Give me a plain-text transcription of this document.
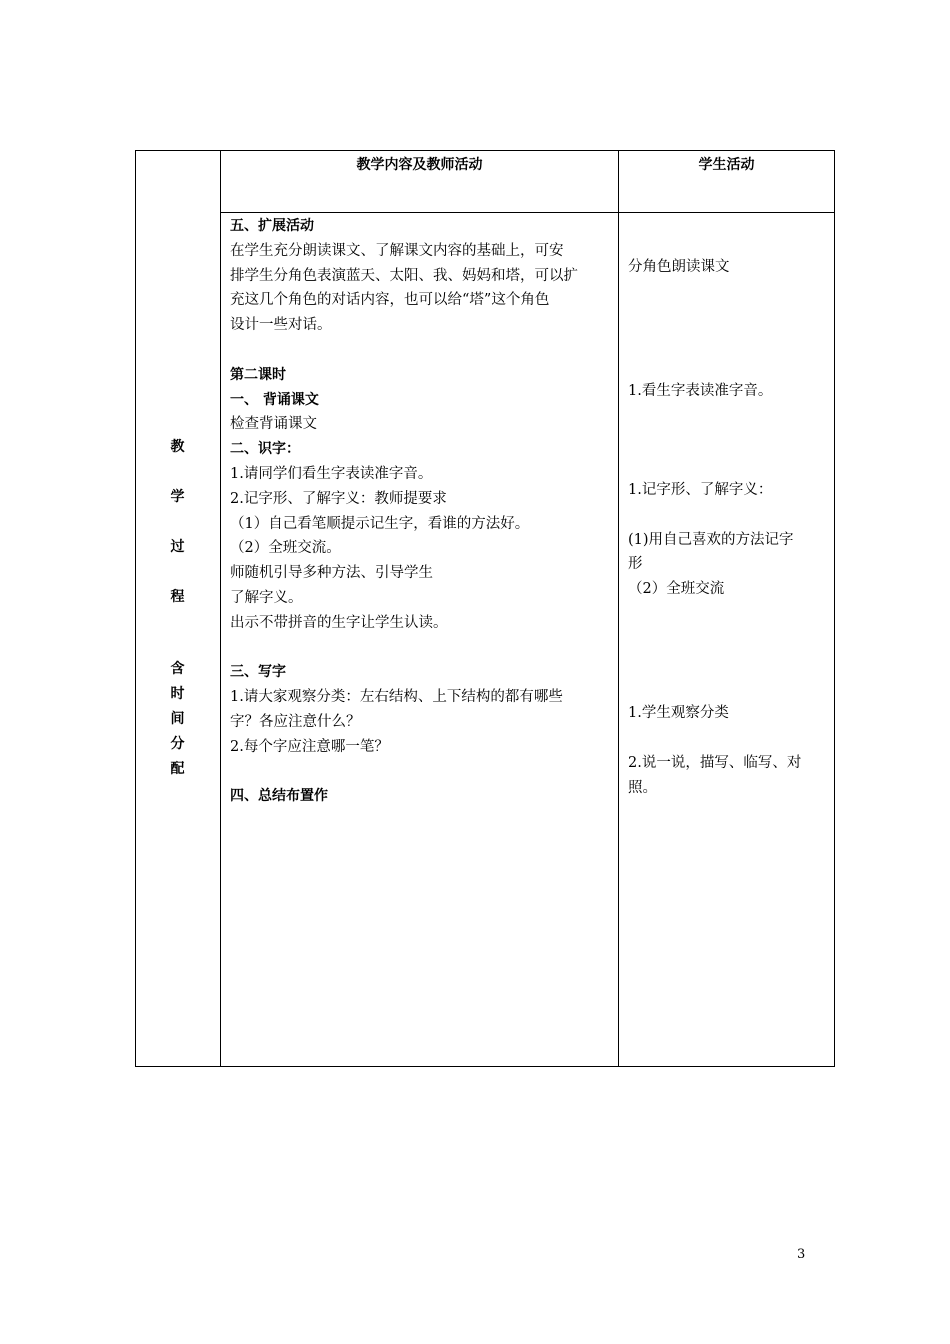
教学内容及教师活动	学生活动
教
学
过
程
含
时
间
分
配
五、扩展活动
在学生充分朗读课文、了解课文内容的基础上，可安
排学生分角色表演蓝天、太阳、我、妈妈和塔，可以扩
充这几个角色的对话内容，也可以给“塔”这个角色
设计一些对话。
第二课时
一、 背诵课文
检查背诵课文
二、识字：
1.请同学们看生字表读准字音。
2.记字形、了解字义：教师提要求
（1）自己看笔顺提示记生字，看谁的方法好。
（2）全班交流。
师随机引导多种方法、引导学生
了解字义。
出示不带拼音的生字让学生认读。
三、写字
1.请大家观察分类：左右结构、上下结构的都有哪些
字？各应注意什么？
2.每个字应注意哪一笔？
四、总结布置作
分角色朗读课文
1.看生字表读准字音。
1.记字形、了解字义：
(1)用自己喜欢的方法记字
形
（2）全班交流
1.学生观察分类
2.说一说，描写、临写、对
照。
3
